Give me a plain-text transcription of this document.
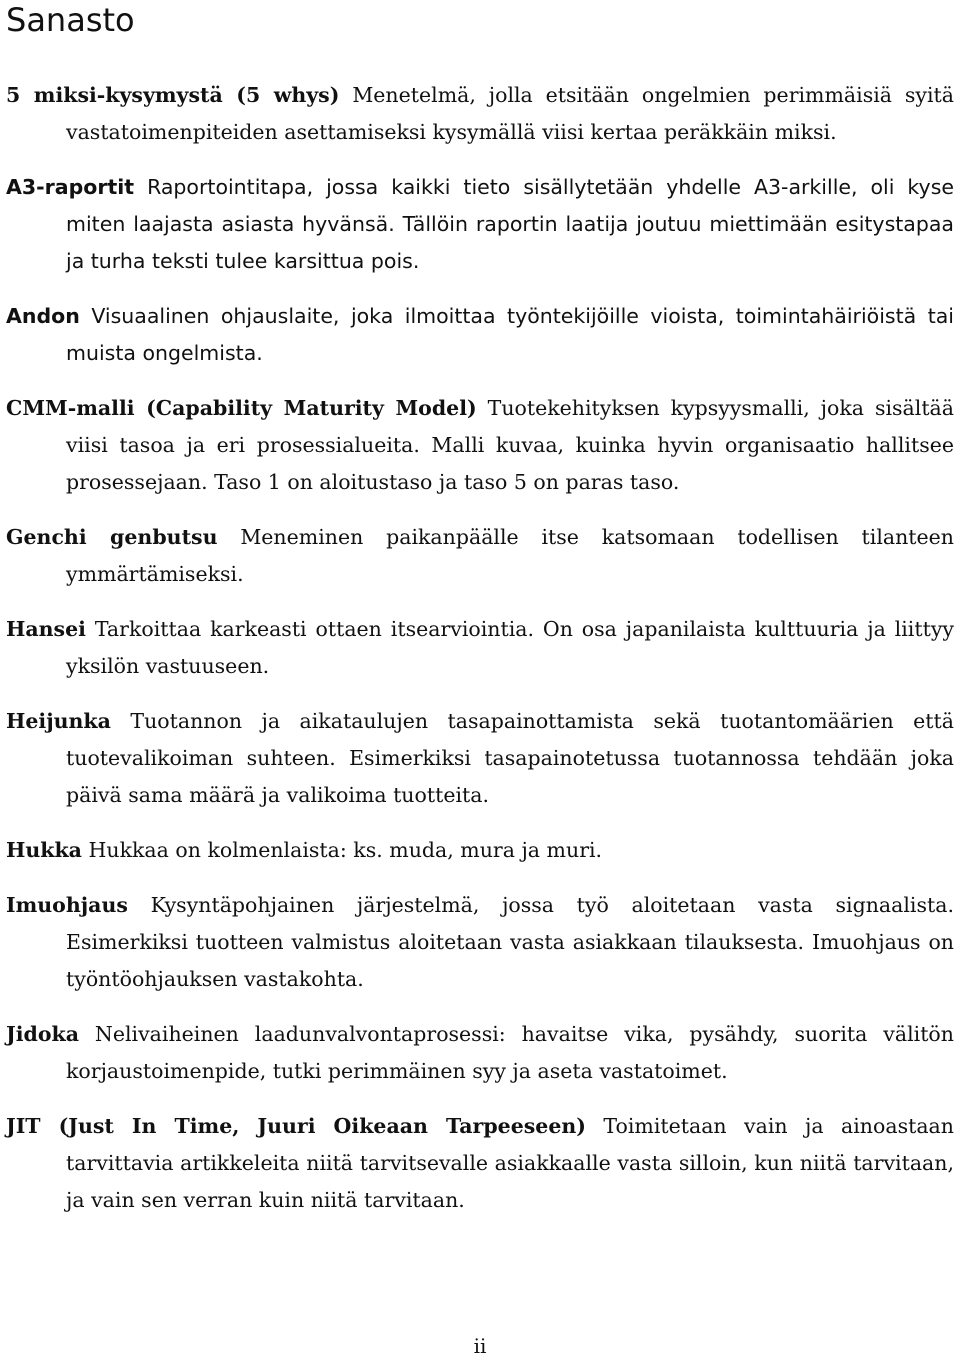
Sanasto

5 miksi-kysymystä (5 whys) Menetelmä, jolla etsitään ongelmien perimmäisiä syitä vastatoimenpiteiden asettamiseksi kysymällä viisi kertaa peräkkäin miksi.

A3-raportit Raportointitapa, jossa kaikki tieto sisällytetään yhdelle A3-arkille, oli kyse miten laajasta asiasta hyvänsä. Tällöin raportin laatija joutuu miettimään esitystapaa ja turha teksti tulee karsittua pois.

Andon Visuaalinen ohjauslaite, joka ilmoittaa työntekijöille vioista, toimintahäiriöistä tai muista ongelmista.

CMM-malli (Capability Maturity Model) Tuotekehityksen kypsyysmalli, joka sisältää viisi tasoa ja eri prosessialueita. Malli kuvaa, kuinka hyvin organisaatio hallitsee prosessejaan. Taso 1 on aloitustaso ja taso 5 on paras taso.

Genchi genbutsu Meneminen paikanpäälle itse katsomaan todellisen tilanteen ymmärtämiseksi.

Hansei Tarkoittaa karkeasti ottaen itsearviointia. On osa japanilaista kulttuuria ja liittyy yksilön vastuuseen.

Heijunka Tuotannon ja aikataulujen tasapainottamista sekä tuotantomäärien että tuotevalikoiman suhteen. Esimerkiksi tasapainotetussa tuotannossa tehdään joka päivä sama määrä ja valikoima tuotteita.

Hukka Hukkaa on kolmenlaista: ks. muda, mura ja muri.

Imuohjaus Kysyntäpohjainen järjestelmä, jossa työ aloitetaan vasta signaalista. Esimerkiksi tuotteen valmistus aloitetaan vasta asiakkaan tilauksesta. Imuohjaus on työntöohjauksen vastakohta.

Jidoka Nelivaiheinen laadunvalvontaprosessi: havaitse vika, pysähdy, suorita välitön korjaustoimenpide, tutki perimmäinen syy ja aseta vastatoimet.

JIT (Just In Time, Juuri Oikeaan Tarpeeseen) Toimitetaan vain ja ainoastaan tarvittavia artikkeleita niitä tarvitsevalle asiakkaalle vasta silloin, kun niitä tarvitaan, ja vain sen verran kuin niitä tarvitaan.

ii
